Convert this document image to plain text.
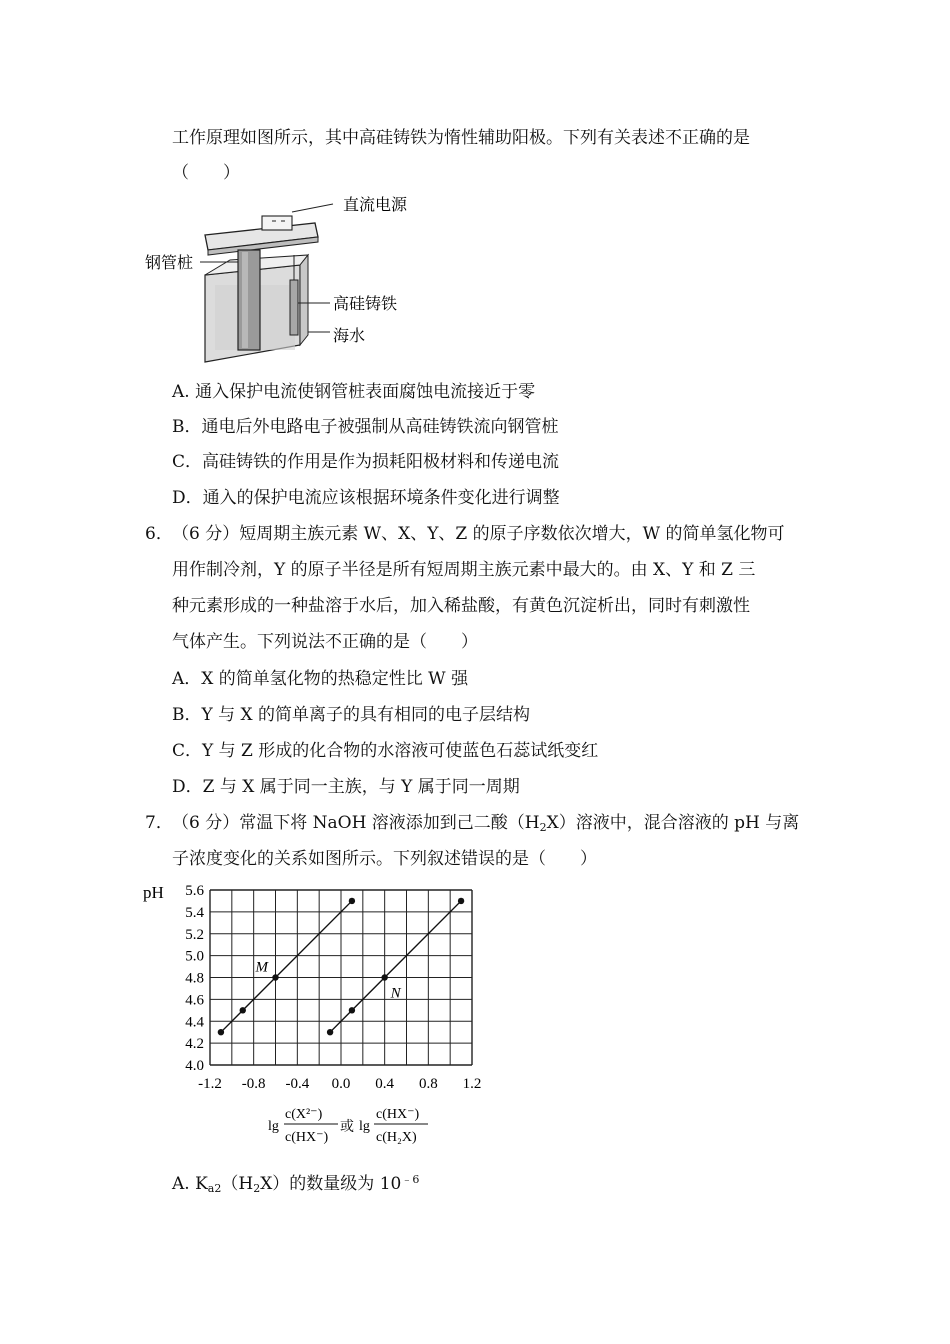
工作原理如图所示，其中高硅铸铁为惰性辅助阳极。下列有关表述不正确的是
（　　）
直流电源
钢管桩
高硅铸铁
海水
A. 通入保护电流使钢管桩表面腐蚀电流接近于零
B．通电后外电路电子被强制从高硅铸铁流向钢管桩
C．高硅铸铁的作用是作为损耗阳极材料和传递电流
D．通入的保护电流应该根据环境条件变化进行调整
6． （6 分）短周期主族元素 W、X、Y、Z 的原子序数依次增大，W 的简单氢化物可
用作制冷剂，Y 的原子半径是所有短周期主族元素中最大的。由 X、Y 和 Z 三
种元素形成的一种盐溶于水后，加入稀盐酸，有黄色沉淀析出，同时有刺激性
气体产生。下列说法不正确的是（　　）
A．X 的简单氢化物的热稳定性比 W 强
B．Y 与 X 的简单离子的具有相同的电子层结构
C．Y 与 Z 形成的化合物的水溶液可使蓝色石蕊试纸变红
D．Z 与 X 属于同一主族，与 Y 属于同一周期
7． （6 分）常温下将 NaOH 溶液添加到己二酸$(H_2X)$溶液中，混合溶液的 pH 与离
子浓度变化的关系如图所示。下列叙述错误的是（　　）
pH 5.6
5.4
5.2
5.0
4.8
4.6
4.4
4.2
4.0
-1.2 -0.8 -0.4 0.0 0.4 0.8 1.2
M
N
lg
c(X²⁻)
c(HX⁻)
或 lg
c(HX⁻)
c(H₂X)
A. $K_{a2}(H_2X)$的数量级为 $10^{﹣6}$
